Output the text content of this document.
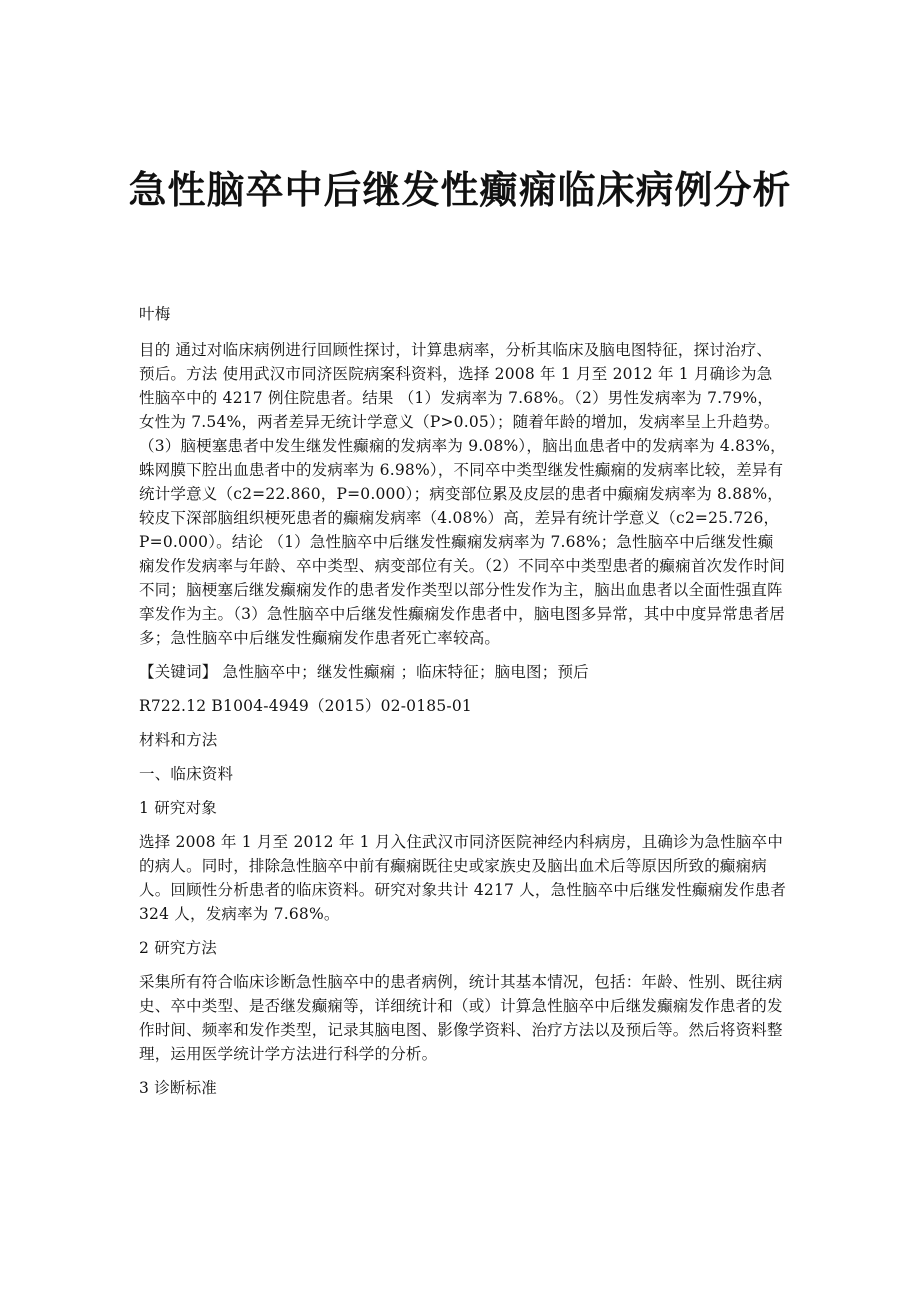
急性脑卒中后继发性癫痫临床病例分析

叶梅

目的 通过对临床病例进行回顾性探讨，计算患病率，分析其临床及脑电图特征，探讨治疗、预后。方法 使用武汉市同济医院病案科资料，选择 2008 年 1 月至 2012 年 1 月确诊为急性脑卒中的 4217 例住院患者。结果 （1）发病率为 7.68%。（2）男性发病率为 7.79%，女性为 7.54%，两者差异无统计学意义（P>0.05）；随着年龄的增加，发病率呈上升趋势。（3）脑梗塞患者中发生继发性癫痫的发病率为 9.08%），脑出血患者中的发病率为 4.83%，蛛网膜下腔出血患者中的发病率为 6.98%），不同卒中类型继发性癫痫的发病率比较，差异有统计学意义（c2=22.860，P=0.000）；病变部位累及皮层的患者中癫痫发病率为 8.88%，较皮下深部脑组织梗死患者的癫痫发病率（4.08%）高，差异有统计学意义（c2=25.726，P=0.000）。结论 （1）急性脑卒中后继发性癫痫发病率为 7.68%；急性脑卒中后继发性癫痫发作发病率与年龄、卒中类型、病变部位有关。（2）不同卒中类型患者的癫痫首次发作时间不同；脑梗塞后继发癫痫发作的患者发作类型以部分性发作为主，脑出血患者以全面性强直阵挛发作为主。（3）急性脑卒中后继发性癫痫发作患者中，脑电图多异常，其中中度异常患者居多；急性脑卒中后继发性癫痫发作患者死亡率较高。

【关键词】 急性脑卒中；继发性癫痫 ；临床特征；脑电图；预后

R722.12 B1004-4949（2015）02-0185-01

材料和方法

一、临床资料

1 研究对象

选择 2008 年 1 月至 2012 年 1 月入住武汉市同济医院神经内科病房，且确诊为急性脑卒中的病人。同时，排除急性脑卒中前有癫痫既往史或家族史及脑出血术后等原因所致的癫痫病人。回顾性分析患者的临床资料。研究对象共计 4217 人，急性脑卒中后继发性癫痫发作患者 324 人，发病率为 7.68%。

2 研究方法

采集所有符合临床诊断急性脑卒中的患者病例，统计其基本情况，包括：年龄、性别、既往病史、卒中类型、是否继发癫痫等，详细统计和（或）计算急性脑卒中后继发癫痫发作患者的发作时间、频率和发作类型，记录其脑电图、影像学资料、治疗方法以及预后等。然后将资料整理，运用医学统计学方法进行科学的分析。

3 诊断标准
